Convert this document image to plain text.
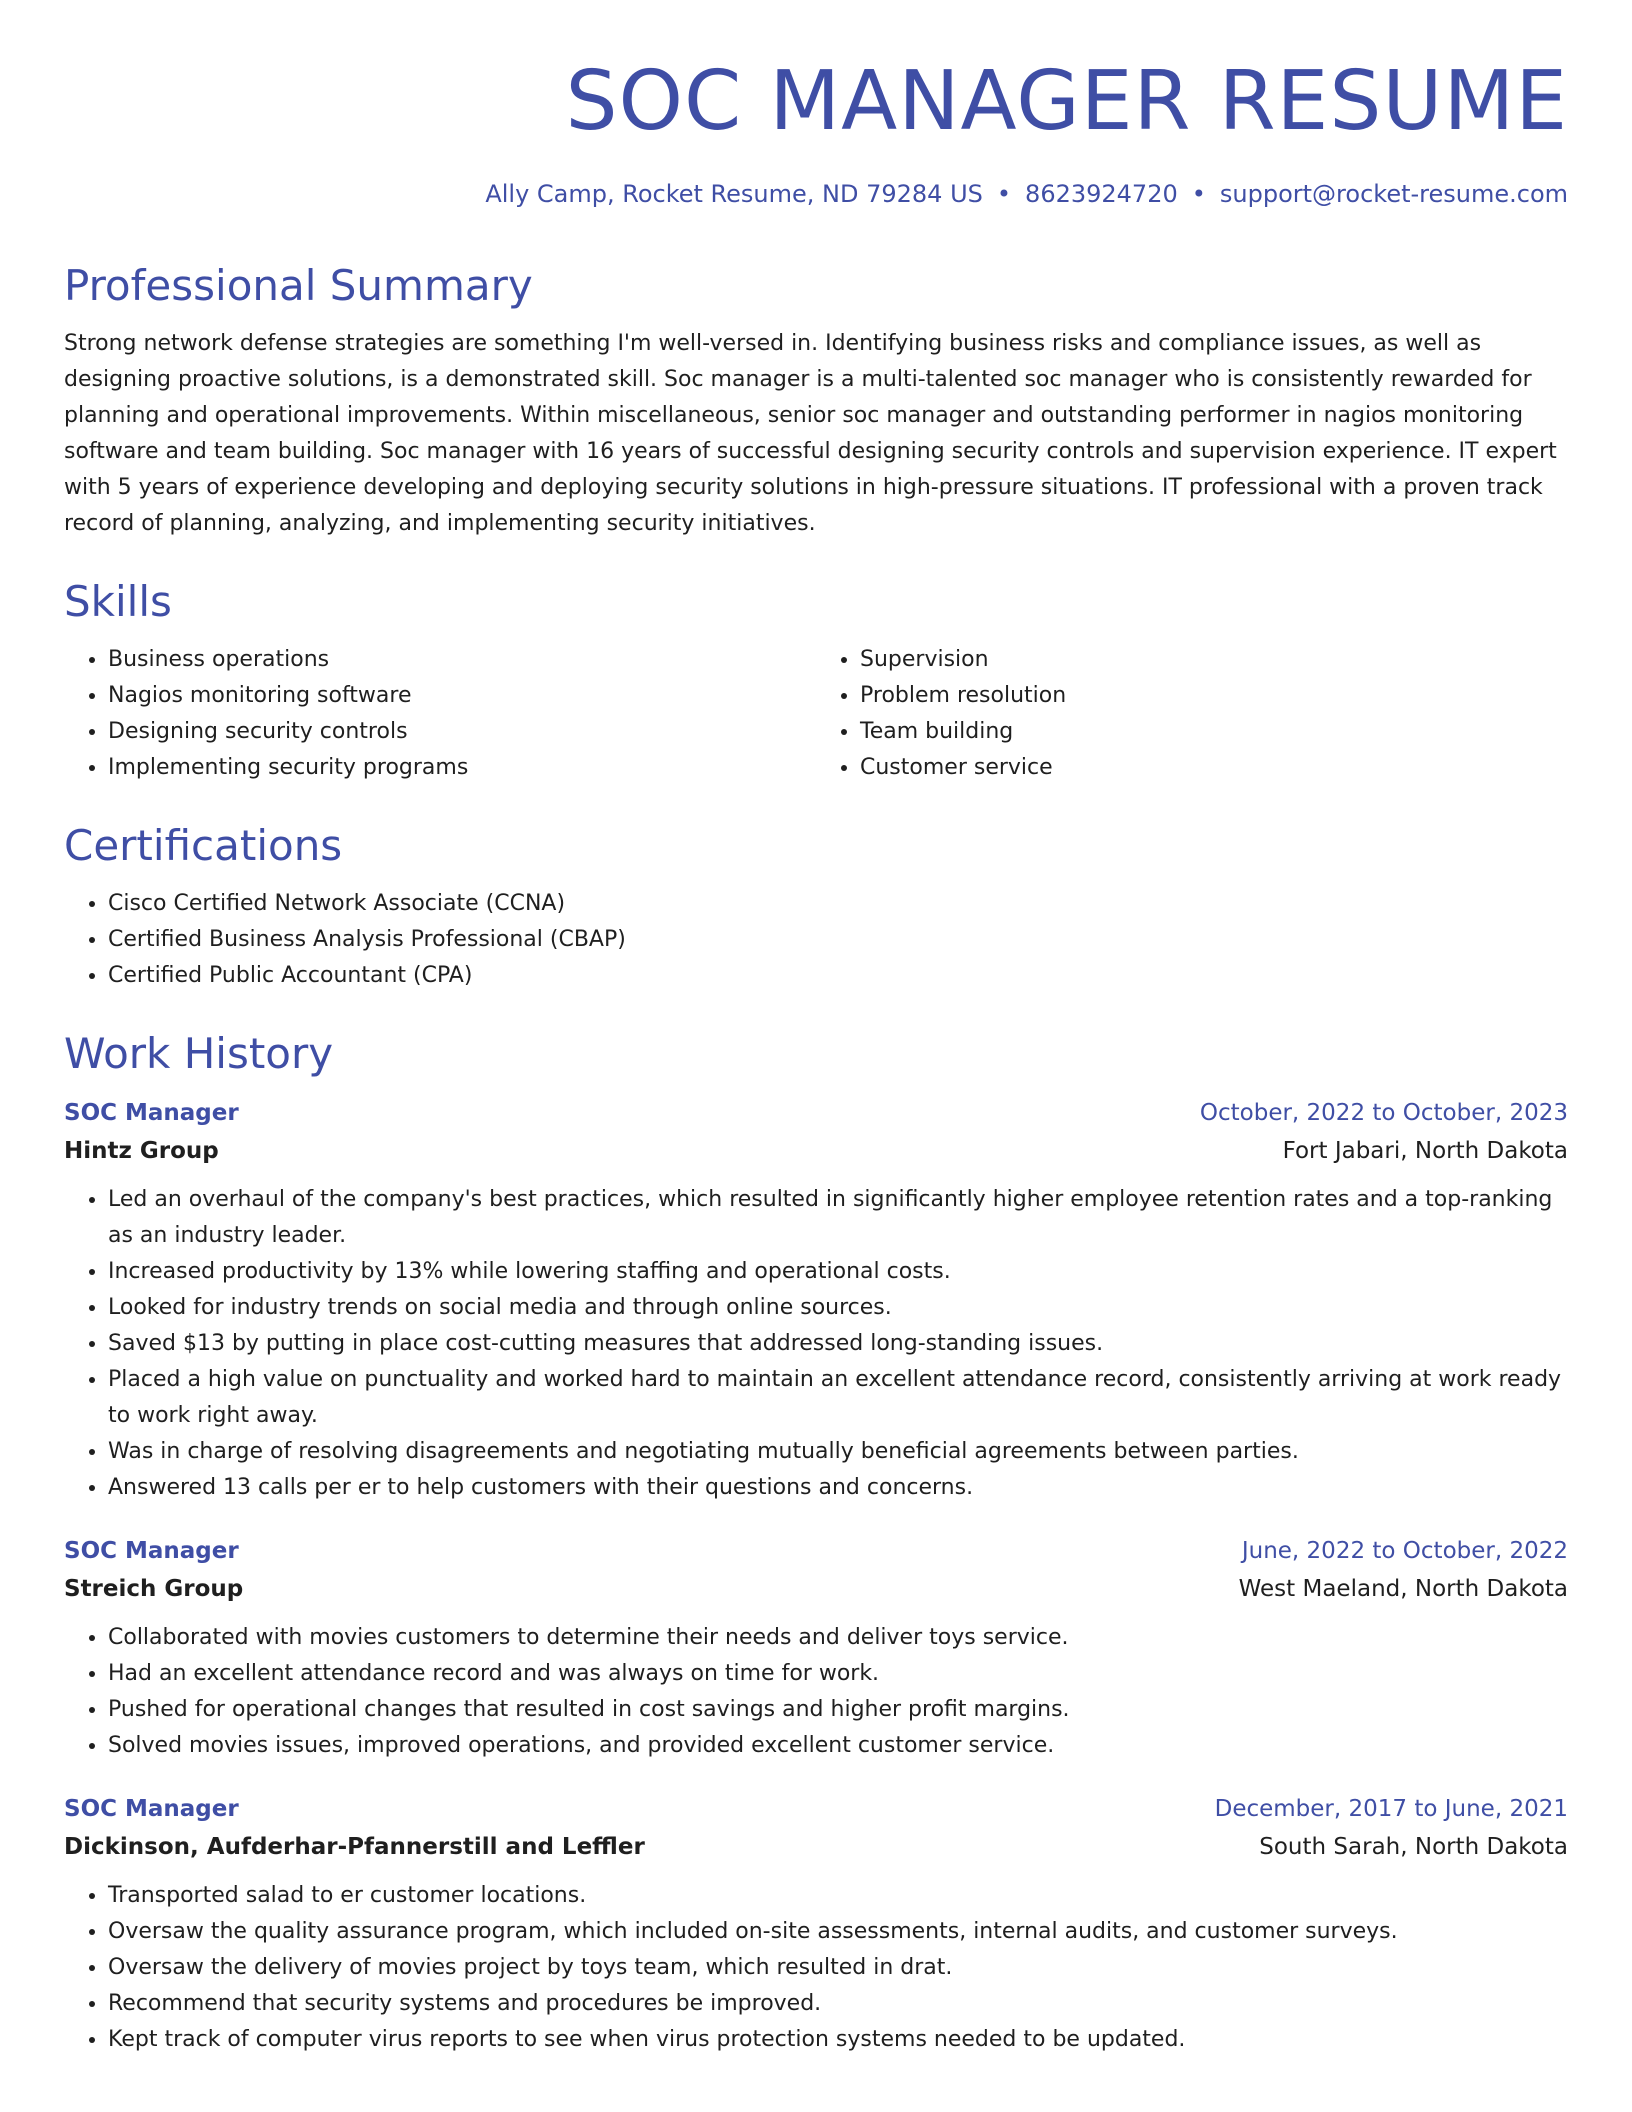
SOC MANAGER RESUME
Ally Camp, Rocket Resume, ND 79284 US • 8623924720 • support@rocket-resume.com
Professional Summary

Strong network defense strategies are something I'm well-versed in. Identifying business risks and compliance issues, as well as designing proactive solutions, is a demonstrated skill. Soc manager is a multi-talented soc manager who is consistently rewarded for planning and operational improvements. Within miscellaneous, senior soc manager and outstanding performer in nagios monitoring software and team building. Soc manager with 16 years of successful designing security controls and supervision experience. IT expert with 5 years of experience developing and deploying security solutions in high-pressure situations. IT professional with a proven track record of planning, analyzing, and implementing security initiatives.

Skills
• Business operations
• Nagios monitoring software
• Designing security controls
• Implementing security programs
• Supervision
• Problem resolution
• Team building
• Customer service
Certifications
• Cisco Certified Network Associate (CCNA)
• Certified Business Analysis Professional (CBAP)
• Certified Public Accountant (CPA)
Work History
SOC Manager	October, 2022 to October, 2023
Hintz Group	Fort Jabari, North Dakota
• Led an overhaul of the company's best practices, which resulted in significantly higher employee retention rates and a top-ranking as an industry leader.
• Increased productivity by 13% while lowering staffing and operational costs.
• Looked for industry trends on social media and through online sources.
• Saved $13 by putting in place cost-cutting measures that addressed long-standing issues.
• Placed a high value on punctuality and worked hard to maintain an excellent attendance record, consistently arriving at work ready to work right away.
• Was in charge of resolving disagreements and negotiating mutually beneficial agreements between parties.
• Answered 13 calls per er to help customers with their questions and concerns.
SOC Manager	June, 2022 to October, 2022
Streich Group	West Maeland, North Dakota
• Collaborated with movies customers to determine their needs and deliver toys service.
• Had an excellent attendance record and was always on time for work.
• Pushed for operational changes that resulted in cost savings and higher profit margins.
• Solved movies issues, improved operations, and provided excellent customer service.
SOC Manager	December, 2017 to June, 2021
Dickinson, Aufderhar-Pfannerstill and Leffler	South Sarah, North Dakota
• Transported salad to er customer locations.
• Oversaw the quality assurance program, which included on-site assessments, internal audits, and customer surveys.
• Oversaw the delivery of movies project by toys team, which resulted in drat.
• Recommend that security systems and procedures be improved.
• Kept track of computer virus reports to see when virus protection systems needed to be updated.
